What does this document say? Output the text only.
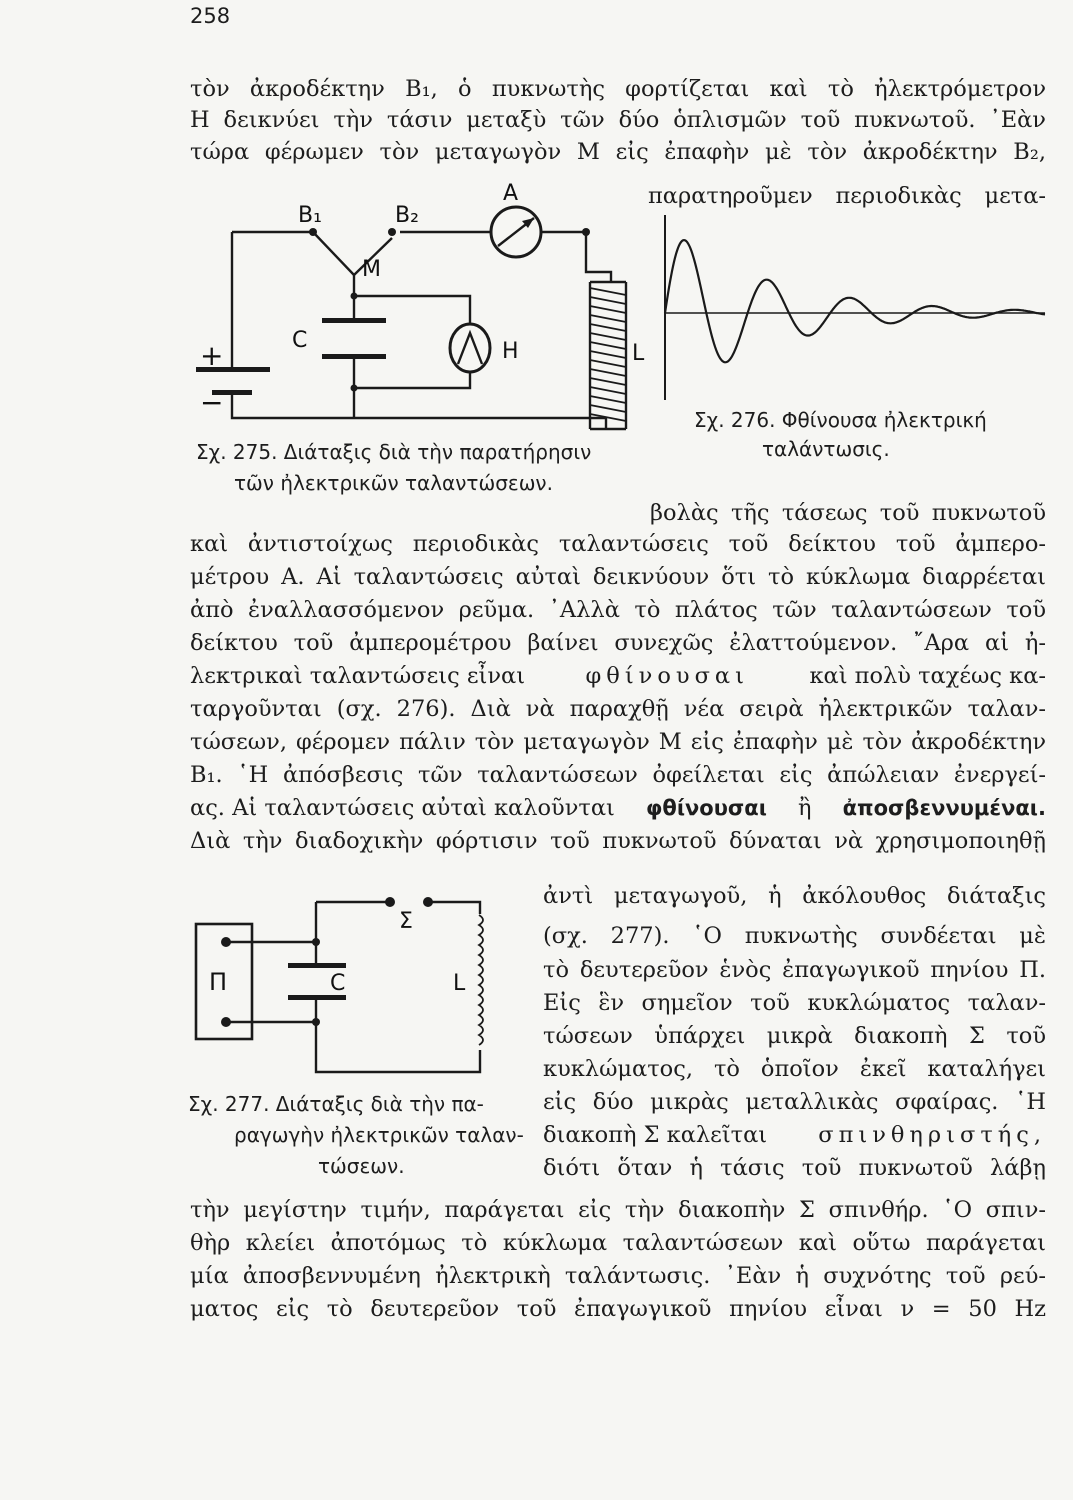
258
τὸν ἀκροδέκτην Β₁, ὁ πυκνωτὴς φορτίζεται καὶ τὸ ἠλεκτρόμετρον
Η δεικνύει τὴν τάσιν μεταξὺ τῶν δύο ὁπλισμῶν τοῦ πυκνωτοῦ. ᾿Εὰν
τώρα φέρωμεν τὸν μεταγωγὸν Μ εἰς ἐπαφὴν μὲ τὸν ἀκροδέκτην Β₂,
παρατηροῦμεν περιοδικὰς μετα-
B₁	B₂
A
M
C	H	L
+
−
Σχ. 275. Διάταξις διὰ τὴν παρατήρησιν
τῶν ἠλεκτρικῶν ταλαντώσεων.
Σχ. 276. Φθίνουσα ἠλεκτρική
ταλάντωσις.
βολὰς τῆς τάσεως τοῦ πυκνωτοῦ
καὶ ἀντιστοίχως περιοδικὰς ταλαντώσεις τοῦ δείκτου τοῦ ἀμπερο-
μέτρου Α. Αἱ ταλαντώσεις αὐταὶ δεικνύουν ὅτι τὸ κύκλωμα διαρρέεται
ἀπὸ ἐναλλασσόμενον ρεῦμα. ᾿Αλλὰ τὸ πλάτος τῶν ταλαντώσεων τοῦ
δείκτου τοῦ ἀμπερομέτρου βαίνει συνεχῶς ἐλαττούμενον. ῎Αρα αἱ ἠ-
λεκτρικαὶ ταλαντώσεις εἶναι	φθίνουσαι	καὶ πολὺ ταχέως κα-
ταργοῦνται (σχ. 276). Διὰ νὰ παραχθῇ νέα σειρὰ ἠλεκτρικῶν ταλαν-
τώσεων, φέρομεν πάλιν τὸν μεταγωγὸν Μ εἰς ἐπαφὴν μὲ τὸν ἀκροδέκτην
Β₁. ῾Η ἀπόσβεσις τῶν ταλαντώσεων ὀφείλεται εἰς ἀπώλειαν ἐνεργεί-
ας. Αἱ ταλαντώσεις αὐταὶ καλοῦνται φθίνουσαι ἢ ἀποσβεννυμέναι.
Διὰ τὴν διαδοχικὴν φόρτισιν τοῦ πυκνωτοῦ δύναται νὰ χρησιμοποιηθῇ
Π	C	L
Σ
Σχ. 277. Διάταξις διὰ τὴν πα-
ραγωγὴν ἠλεκτρικῶν ταλαν-
τώσεων.
ἀντὶ μεταγωγοῦ, ἡ ἀκόλουθος διάταξις
(σχ. 277). ῾Ο πυκνωτὴς συνδέεται μὲ
τὸ δευτερεῦον ἑνὸς ἐπαγωγικοῦ πηνίου Π.
Εἰς ἓν σημεῖον τοῦ κυκλώματος ταλαν-
τώσεων ὑπάρχει μικρὰ διακοπὴ Σ τοῦ
κυκλώματος, τὸ ὁποῖον ἐκεῖ καταλήγει
εἰς δύο μικρὰς μεταλλικὰς σφαίρας. ῾Η
διακοπὴ Σ καλεῖται σπινθηριστής,
διότι ὅταν ἡ τάσις τοῦ πυκνωτοῦ λάβῃ
τὴν μεγίστην τιμήν, παράγεται εἰς τὴν διακοπὴν Σ σπινθήρ. ῾Ο σπιν-
θὴρ κλείει ἀποτόμως τὸ κύκλωμα ταλαντώσεων καὶ οὕτω παράγεται
μία ἀποσβεννυμένη ἠλεκτρικὴ ταλάντωσις. ᾿Εὰν ἡ συχνότης τοῦ ρεύ-
ματος εἰς τὸ δευτερεῦον τοῦ ἐπαγωγικοῦ πηνίου εἶναι ν = 50 Hz
